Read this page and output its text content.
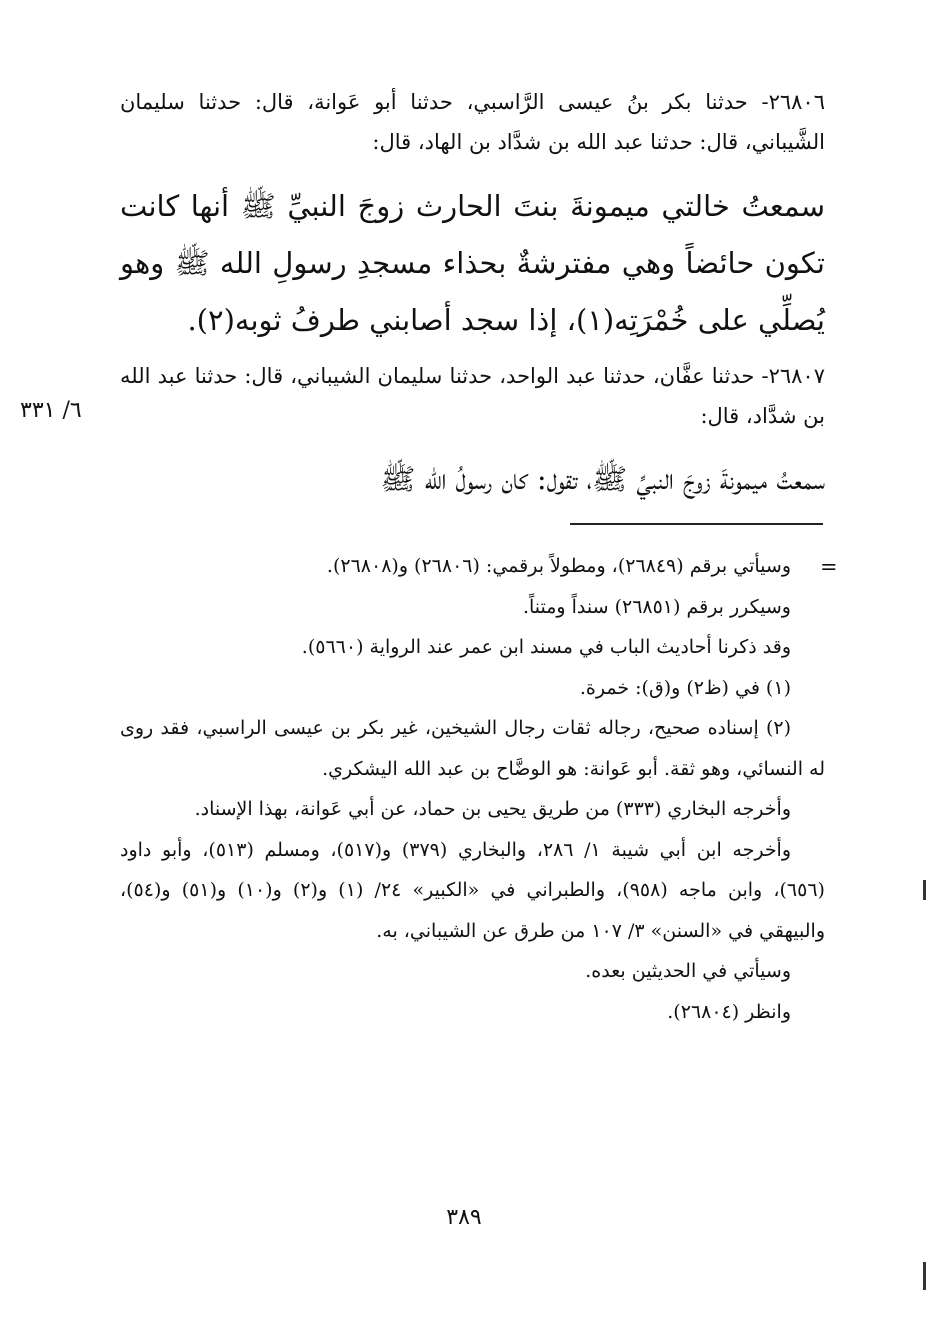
٢٦٨٠٦- حدثنا بكر بنُ عيسى الرَّاسبي، حدثنا أبو عَوانة، قال: حدثنا سليمان الشَّيباني، قال: حدثنا عبد الله بن شدَّاد بن الهاد، قال:
سمعتُ خالتي ميمونةَ بنتَ الحارث زوجَ النبيِّ ﷺ أنها كانت تكون حائضاً وهي مفترشةٌ بحذاء مسجدِ رسولِ الله ﷺ وهو يُصلِّي على خُمْرَتِه(١)، إذا سجد أصابني طرفُ ثوبه(٢).
٢٦٨٠٧- حدثنا عفَّان، حدثنا عبد الواحد، حدثنا سليمان الشيباني، قال: حدثنا عبد الله بن شدَّاد، قال:
٦/ ٣٣١
سمعتُ ميمونةَ زوجَ النبيِّ ﷺ، تقول: كان رسولُ الله ﷺ
=

وسيأتي برقم (٢٦٨٤٩)، ومطولاً برقمي: (٢٦٨٠٦) و(٢٦٨٠٨).

وسيكرر برقم (٢٦٨٥١) سنداً ومتناً.

وقد ذكرنا أحاديث الباب في مسند ابن عمر عند الرواية (٥٦٦٠).

(١) في (ظ٢) و(ق): خمرة.

(٢) إسناده صحيح، رجاله ثقات رجال الشيخين، غير بكر بن عيسى الراسبي، فقد روى له النسائي، وهو ثقة. أبو عَوانة: هو الوضَّاح بن عبد الله اليشكري.

وأخرجه البخاري (٣٣٣) من طريق يحيى بن حماد، عن أبي عَوانة، بهذا الإسناد.

وأخرجه ابن أبي شيبة ١/ ٢٨٦، والبخاري (٣٧٩) و(٥١٧)، ومسلم (٥١٣)، وأبو داود (٦٥٦)، وابن ماجه (٩٥٨)، والطبراني في «الكبير» ٢٤/ (١) و(٢) و(١٠) و(٥١) و(٥٤)، والبيهقي في «السنن» ٣/ ١٠٧ من طرق عن الشيباني، به.

وسيأتي في الحديثين بعده.

وانظر (٢٦٨٠٤).

٣٨٩
